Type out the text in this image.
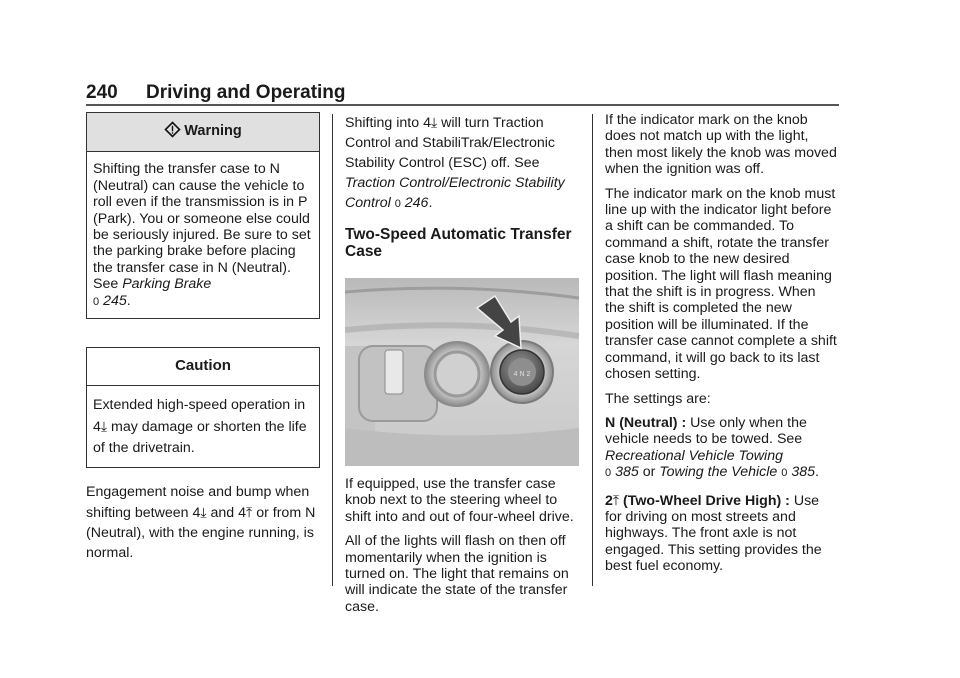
240 Driving and Operating
Warning

Shifting the transfer case to N (Neutral) can cause the vehicle to roll even if the transmission is in P (Park). You or someone else could be seriously injured. Be sure to set the parking brake before placing the transfer case in N (Neutral). See Parking Brake
0 245.

Caution

Extended high-speed operation in
4⤓ may damage or shorten the life of the drivetrain.

Engagement noise and bump when shifting between 4⤓ and 4⤒ or from N (Neutral), with the engine running, is normal.

Shifting into 4⤓ will turn Traction Control and StabiliTrak/Electronic Stability Control (ESC) off. See Traction Control/Electronic Stability Control 0 246.

Two-Speed Automatic Transfer Case
4 N 2

If equipped, use the transfer case knob next to the steering wheel to shift into and out of four-wheel drive.

All of the lights will flash on then off momentarily when the ignition is turned on. The light that remains on will indicate the state of the transfer case.

If the indicator mark on the knob does not match up with the light, then most likely the knob was moved when the ignition was off.

The indicator mark on the knob must line up with the indicator light before a shift can be commanded. To command a shift, rotate the transfer case knob to the new desired position. The light will flash meaning that the shift is in progress. When the shift is completed the new position will be illuminated. If the transfer case cannot complete a shift command, it will go back to its last chosen setting.

The settings are:

N (Neutral) : Use only when the vehicle needs to be towed. See Recreational Vehicle Towing
0 385 or Towing the Vehicle 0 385.

2⤒ (Two-Wheel Drive High) : Use for driving on most streets and highways. The front axle is not engaged. This setting provides the best fuel economy.
